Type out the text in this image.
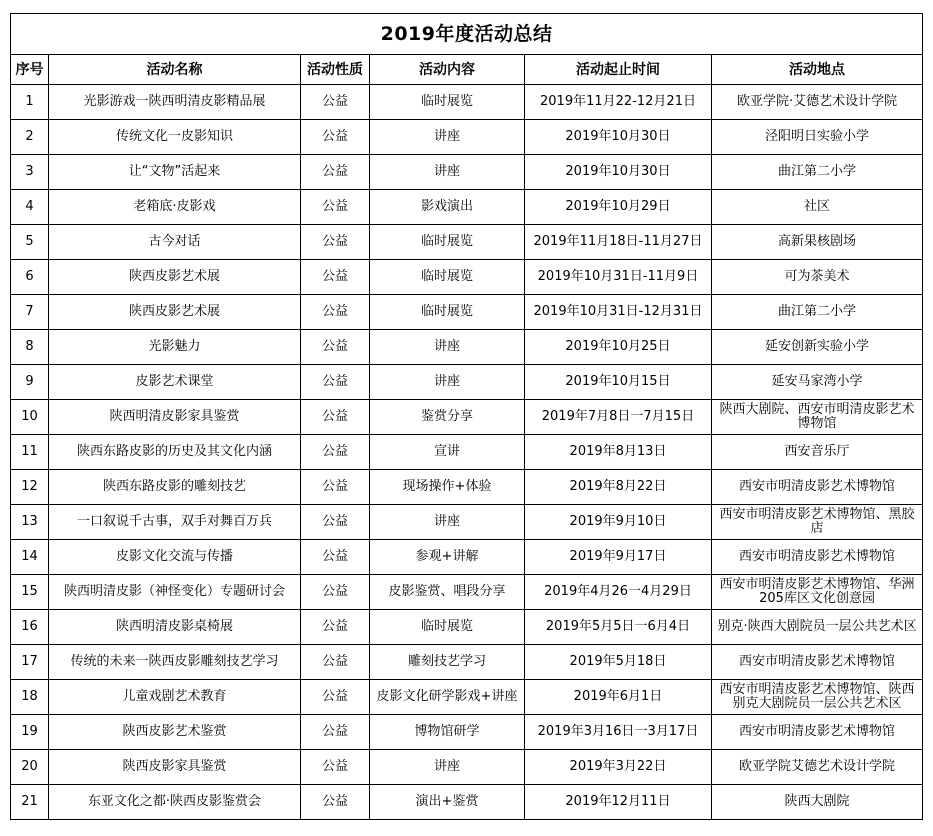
2019年度活动总结					
序号	活动名称	活动性质	活动内容	活动起止时间	活动地点
1	光影游戏一陕西明清皮影精品展	公益	临时展览	2019年11月22-12月21日	欧亚学院·艾德艺术设计学院
2	传统文化一皮影知识	公益	讲座	2019年10月30日	泾阳明日实验小学
3	让“文物”活起来	公益	讲座	2019年10月30日	曲江第二小学
4	老箱底·皮影戏	公益	影戏演出	2019年10月29日	社区
5	古今对话	公益	临时展览	2019年11月18日-11月27日	高新果核剧场
6	陕西皮影艺术展	公益	临时展览	2019年10月31日-11月9日	可为茶美术
7	陕西皮影艺术展	公益	临时展览	2019年10月31日-12月31日	曲江第二小学
8	光影魅力	公益	讲座	2019年10月25日	延安创新实验小学
9	皮影艺术课堂	公益	讲座	2019年10月15日	延安马家湾小学
10	陕西明清皮影家具鉴赏	公益	鉴赏分享	2019年7月8日一7月15日	陕西大剧院、西安市明清皮影艺术博物馆
11	陕西东路皮影的历史及其文化内涵	公益	宣讲	2019年8月13日	西安音乐厅
12	陕西东路皮影的雕刻技艺	公益	现场操作+体验	2019年8月22日	西安市明清皮影艺术博物馆
13	一口叙说千古事，双手对舞百万兵	公益	讲座	2019年9月10日	西安市明清皮影艺术博物馆、黑胶店
14	皮影文化交流与传播	公益	参观+讲解	2019年9月17日	西安市明清皮影艺术博物馆
15	陕西明清皮影（神怪变化）专题研讨会	公益	皮影鉴赏、唱段分享	2019年4月26一4月29日	西安市明清皮影艺术博物馆、华洲205库区文化创意园
16	陕西明清皮影桌椅展	公益	临时展览	2019年5月5日一6月4日	别克·陕西大剧院员一层公共艺术区
17	传统的未来一陕西皮影雕刻技艺学习	公益	雕刻技艺学习	2019年5月18日	西安市明清皮影艺术博物馆
18	儿童戏剧艺术教育	公益	皮影文化研学影戏+讲座	2019年6月1日	西安市明清皮影艺术博物馆、陕西别克大剧院员一层公共艺术区
19	陕西皮影艺术鉴赏	公益	博物馆研学	2019年3月16日一3月17日	西安市明清皮影艺术博物馆
20	陕西皮影家具鉴赏	公益	讲座	2019年3月22日	欧亚学院艾德艺术设计学院
21	东亚文化之都·陕西皮影鉴赏会	公益	演出+鉴赏	2019年12月11日	陕西大剧院
